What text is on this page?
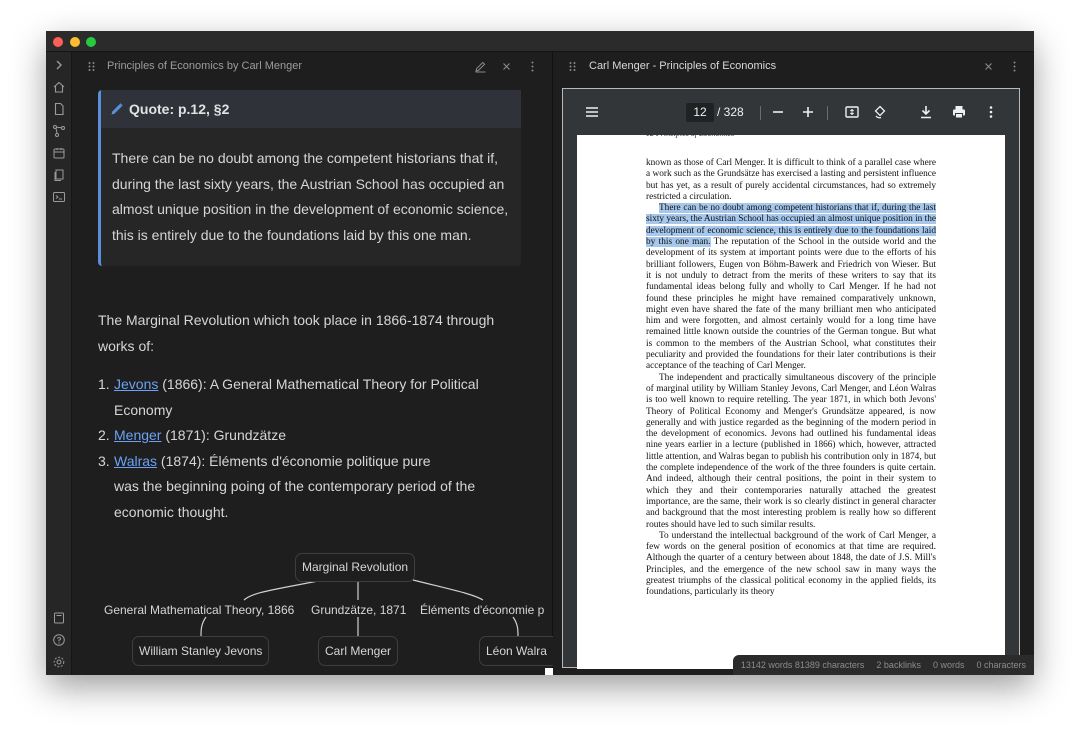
Principles of Economics by Carl Menger
Quote: p.12, §2
There can be no doubt among the competent historians that if, during the last sixty years, the Austrian School has occupied an almost unique position in the development of economic science, this is entirely due to the foundations laid by this one man.
The Marginal Revolution which took place in 1866-1874 through works of:
1. Jevons (1866): A General Mathematical Theory for Political Economy
2. Menger (1871): Grundzätze
3. Walras (1874): Éléments d'économie politique pure
was the beginning poing of the contemporary period of the economic thought.
Marginal Revolution
General Mathematical Theory, 1866 Grundzätze, 1871 Éléments d'économie p
William Stanley Jevons	Carl Menger	Léon Walra
Carl Menger - Principles of Economics
12 / 328
12 Principles of Economics

known as those of Carl Menger. It is difficult to think of a parallel case where a work such as the Grundsätze has exercised a lasting and persistent influence but has yet, as a result of purely accidental circumstances, had so extremely restricted a circulation.

There can be no doubt among competent historians that if, during the last sixty years, the Austrian School has occupied an almost unique position in the development of economic science, this is entirely due to the foundations laid by this one man. The reputation of the School in the outside world and the development of its system at important points were due to the efforts of his brilliant followers, Eugen von Böhm-Bawerk and Friedrich von Wieser. But it is not unduly to detract from the merits of these writers to say that its fundamental ideas belong fully and wholly to Carl Menger. If he had not found these principles he might have remained comparatively unknown, might even have shared the fate of the many brilliant men who anticipated him and were forgotten, and almost certainly would for a long time have remained little known outside the countries of the German tongue. But what is common to the members of the Austrian School, what constitutes their peculiarity and provided the foundations for their later contributions is their acceptance of the teaching of Carl Menger.

The independent and practically simultaneous discovery of the principle of marginal utility by William Stanley Jevons, Carl Menger, and Léon Walras is too well known to require retelling. The year 1871, in which both Jevons' Theory of Political Economy and Menger's Grundsätze appeared, is now generally and with justice regarded as the beginning of the modern period in the development of economics. Jevons had outlined his fundamental ideas nine years earlier in a lecture (published in 1866) which, however, attracted little attention, and Walras began to publish his contribution only in 1874, but the complete independence of the work of the three founders is quite certain. And indeed, although their central positions, the point in their system to which they and their contemporaries naturally attached the greatest importance, are the same, their work is so clearly distinct in general character and background that the most interesting problem is really how so different routes should have led to such similar results.

To understand the intellectual background of the work of Carl Menger, a few words on the general position of economics at that time are required. Although the quarter of a century between about 1848, the date of J.S. Mill's Principles, and the emergence of the new school saw in many ways the greatest triumphs of the classical political economy in the applied fields, its foundations, particularly its theory

13142 words 81389 characters 2 backlinks 0 words 0 characters
